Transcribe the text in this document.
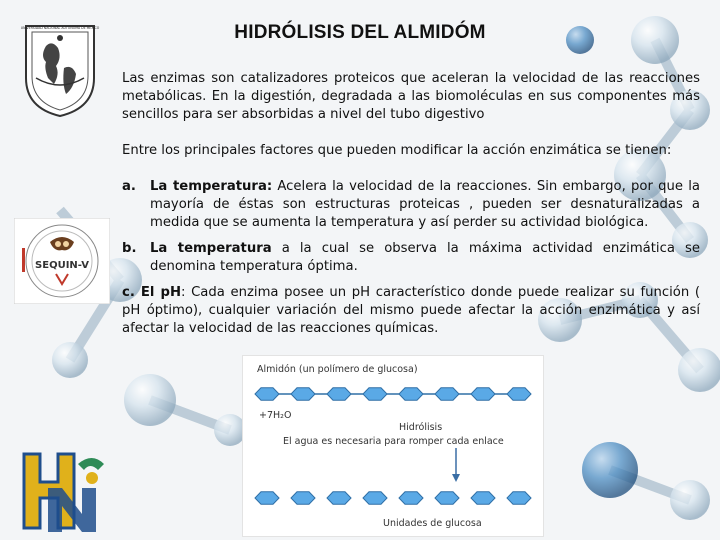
UNIVERSIDAD NACIONAL AUTÓNOMA DE MÉXICO
SEQUIN-V
HIDRÓLISIS DEL ALMIDÓM
Las enzimas son catalizadores proteicos que aceleran la velocidad de las reacciones metabólicas. En la digestión, degradada a las biomoléculas en sus componentes más sencillos para ser absorbidas a nivel del tubo digestivo
Entre los principales factores que pueden modificar la acción enzimática se tienen:

a. La temperatura: Acelera la velocidad de la reacciones. Sin embargo, por que la mayoría de éstas son estructuras proteicas , pueden ser desnaturalizadas a medida que se aumenta la temperatura y así perder su actividad biológica.

b. La temperatura a la cual se observa la máxima actividad enzimática se denomina temperatura óptima.

c. El pH: Cada enzima posee un pH característico donde puede realizar su función ( pH óptimo), cualquier variación del mismo puede afectar la acción enzimática y así afectar la velocidad de las reacciones químicas.

Almidón (un polímero de glucosa)
+7H₂O
Hidrólisis
El agua es necesaria para romper cada enlace
Unidades de glucosa
